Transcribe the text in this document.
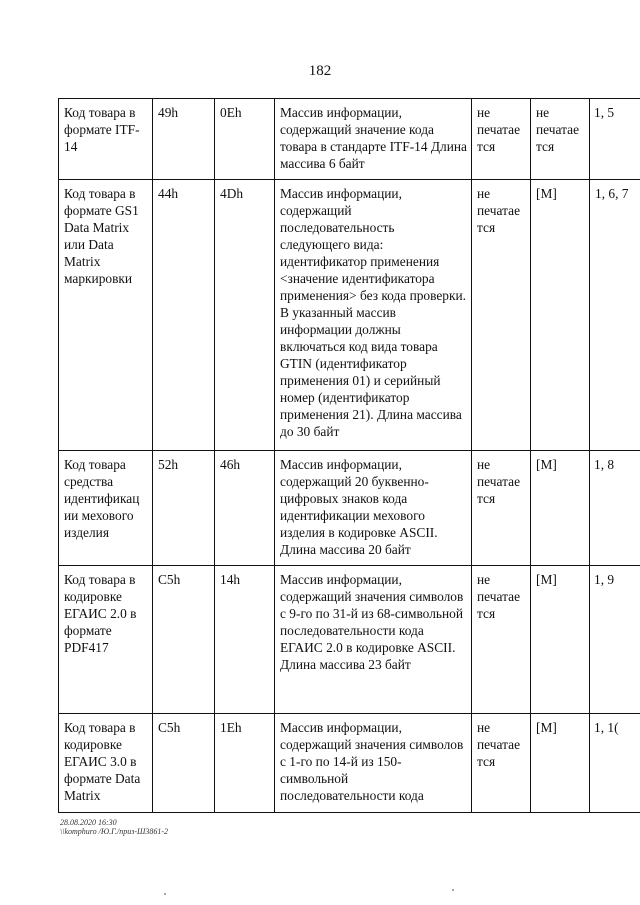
182
Код товара в формате ITF-14	49h	0Eh	Массив информации, содержащий значение кода товара в стандарте ITF-14 Длина массива 6 байт	не печатае тся	не печатае тся	1, 5
Код товара в формате GS1 Data Matrix или Data Matrix маркировки	44h	4Dh	Массив информации, содержащий последовательность следующего вида: идентификатор применения <значение идентификатора применения> без кода проверки. В указанный массив информации должны включаться код вида товара GTIN (идентификатор применения 01) и серийный номер (идентификатор применения 21). Длина массива до 30 байт	не печатае тся	[M]	1, 6, 7
Код товара средства идентификац ии мехового изделия	52h	46h	Массив информации, содержащий 20 буквенно-цифровых знаков кода идентификации мехового изделия в кодировке ASCII. Длина массива 20 байт	не печатае тся	[M]	1, 8
Код товара в кодировке ЕГАИС 2.0 в формате PDF417	C5h	14h	Массив информации, содержащий значения символов с 9-го по 31-й из 68-символьной последовательности кода ЕГАИС 2.0 в кодировке ASCII. Длина массива 23 байт	не печатае тся	[M]	1, 9
Код товара в кодировке ЕГАИС 3.0 в формате Data Matrix	C5h	1Eh	Массив информации, содержащий значения символов с 1-го по 14-й из 150-символьной последовательности кода	не печатае тся	[M]	1, 1(
28.08.2020 16:30
\\komphuro /Ю.Г./приз-Ш3861-2
